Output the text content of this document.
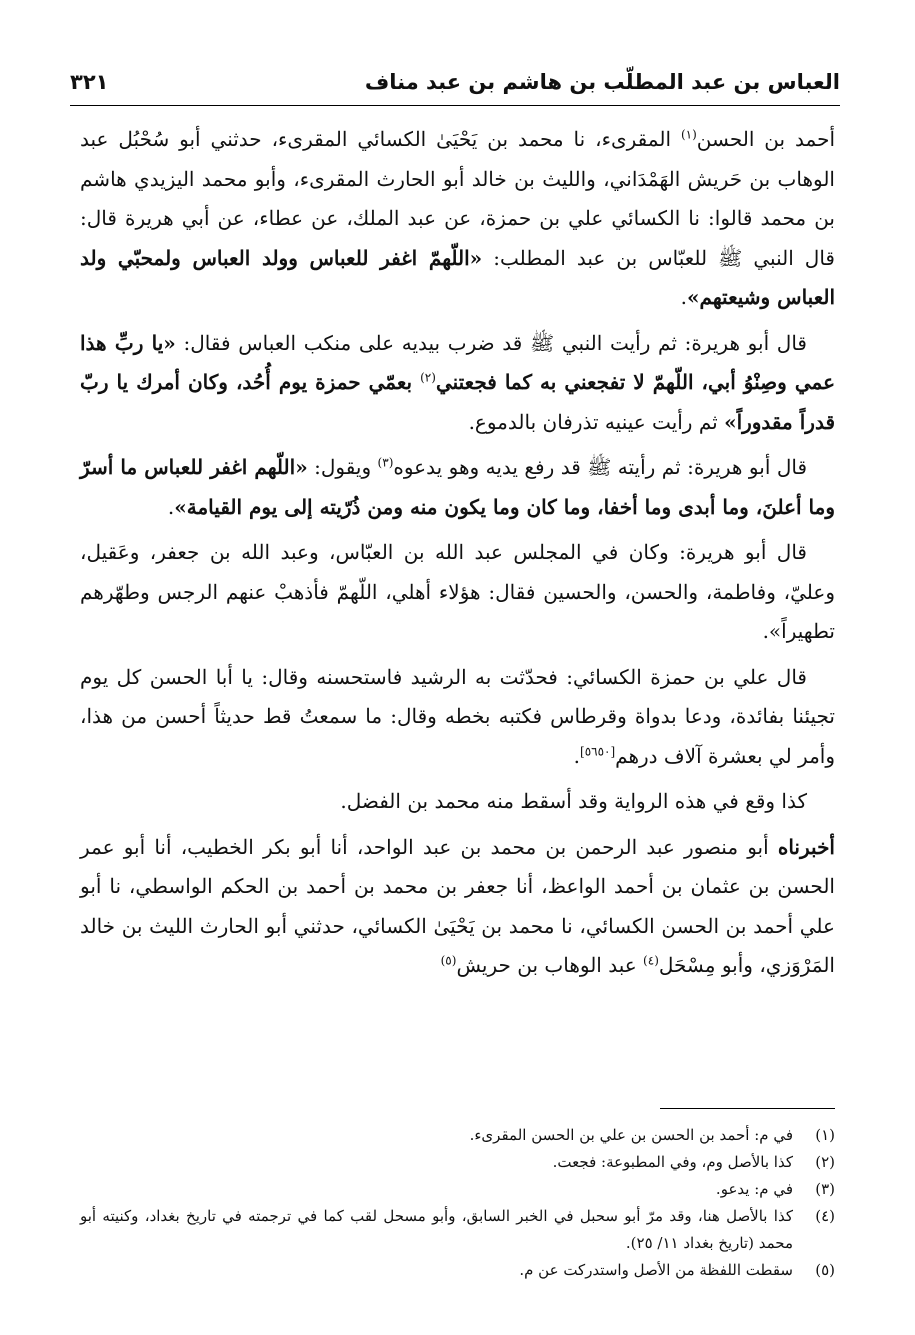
العباس بن عبد المطلّب بن هاشم بن عبد مناف
٣٢١

أحمد بن الحسن$^{(١)}$ المقرىء، نا محمد بن يَحْيَىٰ الكسائي المقرىء، حدثني أبو سُحْبُل عبد الوهاب بن حَريش الهَمْدَاني، والليث بن خالد أبو الحارث المقرىء، وأبو محمد اليزيدي هاشم بن محمد قالوا: نا الكسائي علي بن حمزة، عن عبد الملك، عن عطاء، عن أبي هريرة قال: قال النبي ﷺ للعبّاس بن عبد المطلب: «اللّهمّ اغفر للعباس وولد العباس ولمحبّي ولد العباس وشيعتهم».

قال أبو هريرة: ثم رأيت النبي ﷺ قد ضرب بيديه على منكب العباس فقال: «يا ربِّ هذا عمي وصِنْوُ أبي، اللّهمّ لا تفجعني به كما فجعتني$^{(٢)}$ بعمّي حمزة يوم أُحُد، وكان أمرك يا ربّ قدراً مقدوراً» ثم رأيت عينيه تذرفان بالدموع.

قال أبو هريرة: ثم رأيته ﷺ قد رفع يديه وهو يدعوه$^{(٣)}$ ويقول: «اللّهم اغفر للعباس ما أسرّ وما أعلنَ، وما أبدى وما أخفا، وما كان وما يكون منه ومن ذُرّيته إلى يوم القيامة».

قال أبو هريرة: وكان في المجلس عبد الله بن العبّاس، وعبد الله بن جعفر، وعَقيل، وعليّ، وفاطمة، والحسن، والحسين فقال: هؤلاء أهلي، اللّهمّ فأذهبْ عنهم الرجس وطهّرهم تطهيراً».

قال علي بن حمزة الكسائي: فحدّثت به الرشيد فاستحسنه وقال: يا أبا الحسن كل يوم تجيئنا بفائدة، ودعا بدواة وقرطاس فكتبه بخطه وقال: ما سمعتُ قط حديثاً أحسن من هذا، وأمر لي بعشرة آلاف درهم[٥٦٥٠].

كذا وقع في هذه الرواية وقد أسقط منه محمد بن الفضل.

أخبرناه أبو منصور عبد الرحمن بن محمد بن عبد الواحد، أنا أبو بكر الخطيب، أنا أبو عمر الحسن بن عثمان بن أحمد الواعظ، أنا جعفر بن محمد بن أحمد بن الحكم الواسطي، نا أبو علي أحمد بن الحسن الكسائي، نا محمد بن يَحْيَىٰ الكسائي، حدثني أبو الحارث الليث بن خالد المَرْوَزي، وأبو مِسْحَل$^{(٤)}$ عبد الوهاب بن حريش$^{(٥)}$

(١)
في م: أحمد بن الحسن بن علي بن الحسن المقرىء.

(٢)
كذا بالأصل وم، وفي المطبوعة: فجعت.

(٣)
في م: يدعو.

(٤)
كذا بالأصل هنا، وقد مرّ أبو سحبل في الخبر السابق، وأبو مسحل لقب كما في ترجمته في تاريخ بغداد، وكنيته أبو محمد (تاريخ بغداد ١١/ ٢٥).

(٥)
سقطت اللفظة من الأصل واستدركت عن م.
